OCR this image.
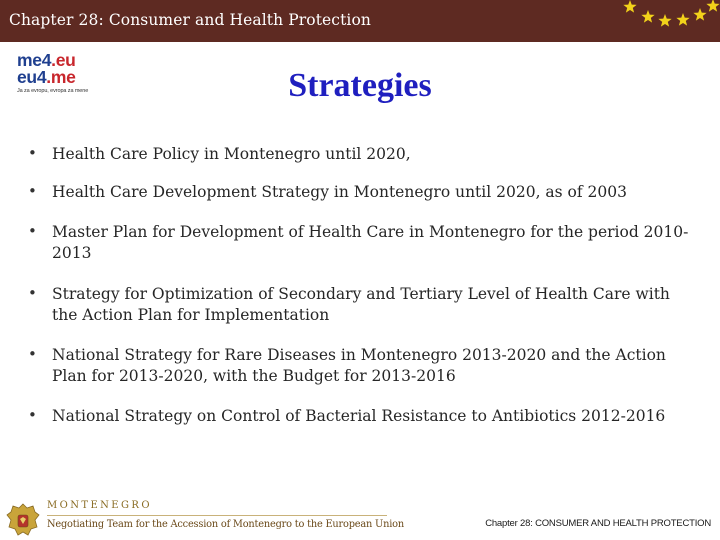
Chapter 28: Consumer and Health Protection
me4.eu
eu4.me
Ja za evropu, evropa za mene	Strategies
• Health Care Policy in Montenegro until 2020,
• Health Care Development Strategy in Montenegro until 2020, as of 2003
• Master Plan for Development of Health Care in Montenegro for the period 2010-2013
• Strategy for Optimization of Secondary and Tertiary Level of Health Care with the Action Plan for Implementation
• National Strategy for Rare Diseases in Montenegro 2013-2020 and the Action Plan for 2013-2020, with the Budget for 2013-2016
• National Strategy on Control of Bacterial Resistance to Antibiotics 2012-2016
MONTENEGRO
Negotiating Team for the Accession of Montenegro to the European Union	Chapter 28: CONSUMER AND HEALTH PROTECTION
